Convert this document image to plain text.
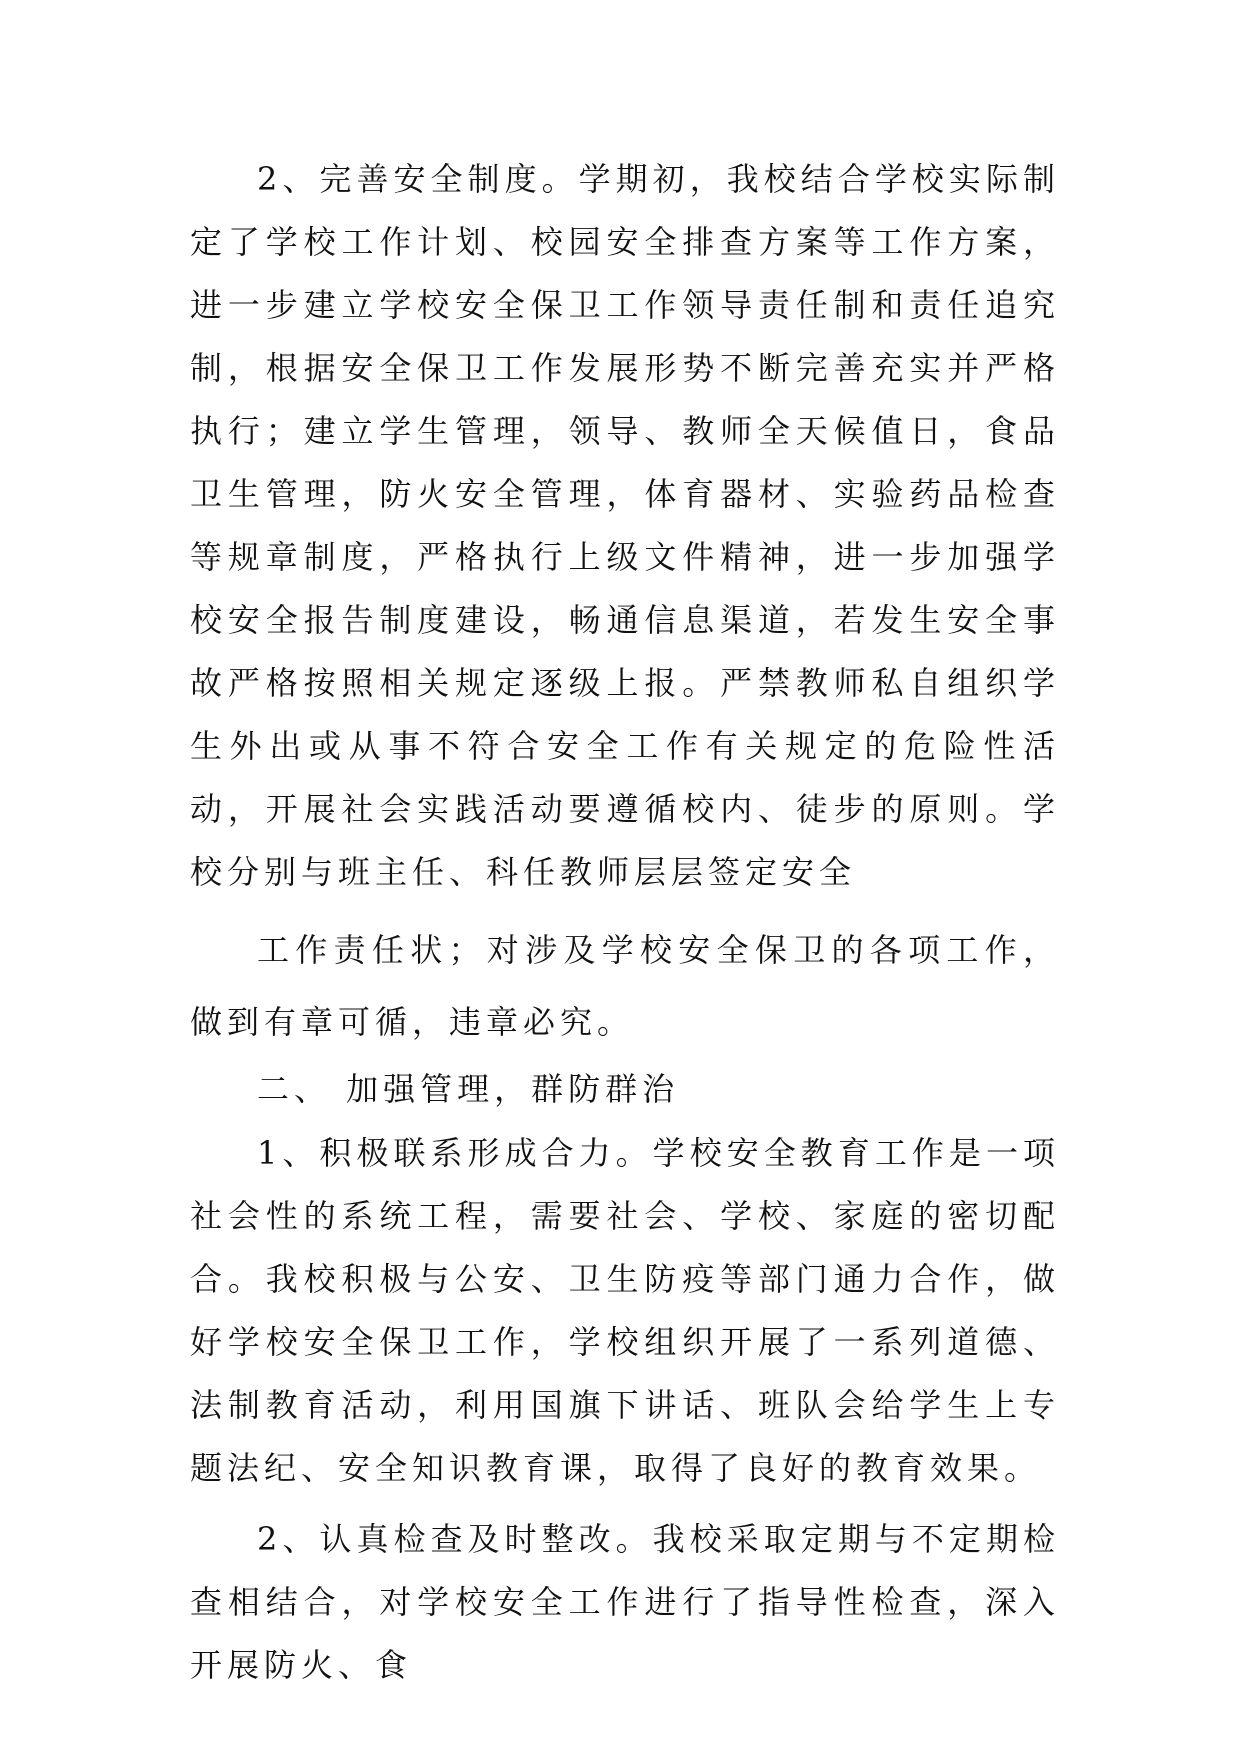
2、完善安全制度。学期初，我校结合学校实际制定了学校工作计划、校园安全排查方案等工作方案，进一步建立学校安全保卫工作领导责任制和责任追究制，根据安全保卫工作发展形势不断完善充实并严格执行；建立学生管理，领导、教师全天候值日，食品卫生管理，防火安全管理，体育器材、实验药品检查等规章制度，严格执行上级文件精神，进一步加强学校安全报告制度建设，畅通信息渠道，若发生安全事故严格按照相关规定逐级上报。严禁教师私自组织学生外出或从事不符合安全工作有关规定的危险性活动，开展社会实践活动要遵循校内、徒步的原则。学校分别与班主任、科任教师层层签定安全

工作责任状；对涉及学校安全保卫的各项工作，做到有章可循，违章必究。

二、 加强管理，群防群治

1、积极联系形成合力。学校安全教育工作是一项社会性的系统工程，需要社会、学校、家庭的密切配合。我校积极与公安、卫生防疫等部门通力合作，做好学校安全保卫工作，学校组织开展了一系列道德、法制教育活动，利用国旗下讲话、班队会给学生上专题法纪、安全知识教育课，取得了良好的教育效果。

2、认真检查及时整改。我校采取定期与不定期检查相结合，对学校安全工作进行了指导性检查，深入开展防火、食
